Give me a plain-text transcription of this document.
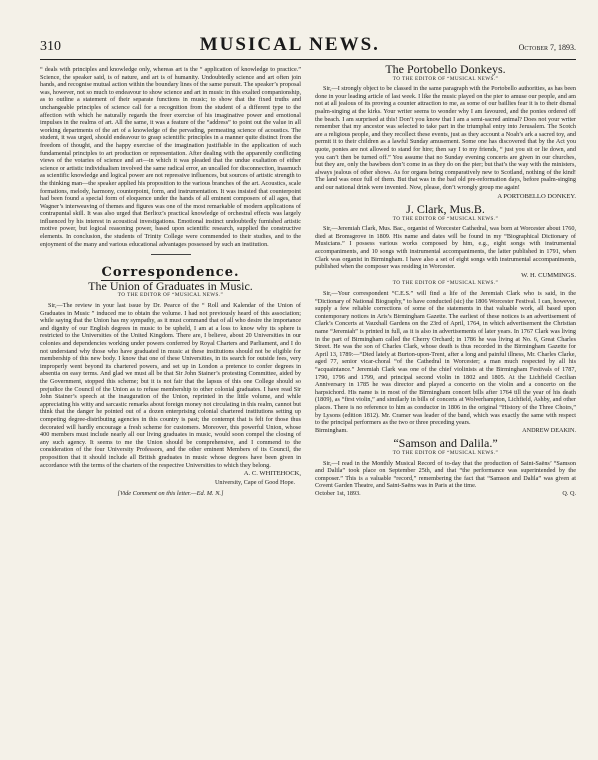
310	MUSICAL NEWS.	October 7, 1893.

“ deals with principles and knowledge only, whereas art is the “ application of knowledge to practice.” Science, the speaker said, is of nature, and art is of humanity. Undoubtedly science and art often join hands, and recognise mutual action within the boundary lines of the same pursuit. The speaker’s proposal was, however, not so much to endeavour to show science and art in music in this exalted companionship, as to outline a statement of their separate functions in music; to show that the fixed truths and unchangeable principles of science call for a recognition from the student of a different type to the affection with which he naturally regards the freer exercise of his imaginative power and emotional impulses in the realms of art. All the same, it was a feature of the “address” to point out the value in all working departments of the art of a knowledge of the pervading, permeating science of acoustics. The student, it was urged, should endeavour to grasp scientific principles in a manner quite distinct from the freedom of thought, and the happy exercise of the imagination justifiable in the application of such fundamental principles to art production or representation. After dealing with the apparently conflicting views of the votaries of science and art—in which it was pleaded that the undue exaltation of either science or artistic individualism involved the same radical error, an uncalled for disconnection, inasmuch as scientific knowledge and logical power are not repressive influences, but sources of artistic strength to the thinking man—the speaker applied his proposition to the various branches of the art. Acoustics, scale formations, melody, harmony, counterpoint, form, and instrumentation. It was insisted that counterpoint had been found a special form of eloquence under the hands of all eminent composers of all ages, that Wagner’s interweaving of themes and figures was one of the most remarkable of modern applications of contrapuntal skill. It was also urged that Berlioz’s practical knowledge of orchestral effects was largely influenced by his interest in acoustical investigations. Emotional instinct undoubtedly furnished artistic motive power, but logical reasoning power, based upon scientific research, supplied the constructive elements. In conclusion, the students of Trinity College were commended to their studies, and to the enjoyment of the many and various educational advantages possessed by such an institution.

Correspondence.
The Union of Graduates in Music.
TO THE EDITOR OF “MUSICAL NEWS.”

Sir,—The review in your last issue by Dr. Pearce of the “ Roll and Kalendar of the Union of Graduates in Music ” induced me to obtain the volume. I had not previously heard of this association; while saying that the Union has my sympathy, as it must command that of all who desire the importance and dignity of our English degrees in music to be upheld, I am at a loss to know why its sphere is restricted to the Universities of the United Kingdom. There are, I believe, about 20 Universities in our colonies and dependencies working under powers conferred by Royal Charters and Parliament, and I do not understand why those who have graduated in music at these institutions should not be eligible for membership of this new body. I know that one of these Universities, in its search for outside fees, very improperly went beyond its chartered powers, and set up in London a pretence to confer degrees in absentia on easy terms. And glad we must all be that Sir John Stainer’s protesting Committee, aided by the Government, stopped this scheme; but it is not fair that the lapsus of this one College should so prejudice the Council of the Union as to refuse membership to other colonial graduates. I have read Sir John Stainer’s speech at the inauguration of the Union, reprinted in the little volume, and while appreciating his witty and sarcastic remarks about foreign money not circulating in this realm, cannot but think that the danger he pointed out of a dozen enterprising colonial chartered institutions setting up competing degree-distributing agencies in this country is past; the contempt that is felt for those thus decorated will hardly encourage a fresh scheme for customers. Moreover, this powerful Union, whose 400 members must include nearly all our living graduates in music, would soon compel the closing of any such agency. It seems to me the Union should be comprehensive, and I commend to the consideration of the four University Professors, and the other eminent Members of its Council, the proposition that it should include all British graduates in music whose degrees have been given in accordance with the terms of the charters of the respective Universities to which they belong.

A. C. WHITEHOCK,
University, Cape of Good Hope.
[Vide Comment on this letter.—Ed. M. N.]
The Portobello Donkeys.
TO THE EDITOR OF “MUSICAL NEWS.”

Sir,—I strongly object to be classed in the same paragraph with the Portobello authorities, as has been done in your leading article of last week. I like the music played on the pier to amuse our people, and am not at all jealous of its proving a counter attraction to me, as some of our baillies fear it is to their dismal psalm-singing at the kirks. Your writer seems to wonder why I am favoured, and the ponies ordered off the beach. I am surprised at this! Don’t you know that I am a semi-sacred animal? Does not your writer remember that my ancestor was selected to take part in the triumphal entry into Jerusalem. The Scotch are a religious people, and they recollect these events, just as they account a Noah’s ark a sacred toy, and permit it to their children as a lawful Sunday amusement. Some one has discovered that by the Act you quote, ponies are not allowed to stand for hire; then say I to my friends, “ just you sit or lie down, and you can’t then be turned off.” You assume that no Sunday evening concerts are given in our churches, but they are, only the bawbees don’t come in as they do on the pier; but that’s the way with the ministers, always jealous of other shows. As for organs being comparatively new to Scotland, nothing of the kind! The land was once full of them. But that was in the bad old pre-reformation days, before psalm-singing and our national drink were invented. Now, please, don’t wrongly group me again!

A PORTOBELLO DONKEY.
J. Clark, Mus.B.
TO THE EDITOR OF “MUSICAL NEWS.”

Sir,—Jeremiah Clark, Mus. Bac., organist of Worcester Cathedral, was born at Worcester about 1760, died at Bromsgrove in 1809. His name and dates will be found in my “Biographical Dictionary of Musicians.” I possess various works composed by him, e.g., eight songs with instrumental accompaniments, and 10 songs with instrumental accompaniments, the latter published in 1791, when Clark was organist in Birmingham. I have also a set of eight songs with instrumental accompaniments, published when the composer was residing in Worcester.

W. H. CUMMINGS.
TO THE EDITOR OF “MUSICAL NEWS.”

Sir,—Your correspondent “C.E.S.” will find a life of the Jeremiah Clark who is said, in the “Dictionary of National Biography,” to have conducted (sic) the 1806 Worcester Festival. I can, however, supply a few reliable corrections of some of the statements in that valuable work, all based upon contemporary notices in Aris’s Birmingham Gazette. The earliest of these notices is an advertisement of Clark’s Concerts at Vauxhall Gardens on the 23rd of April, 1764, in which advertisement the Christian name “Jeremiah” is printed in full, as it is also in advertisements of later years. In 1767 Clark was living in the part of Birmingham called the Cherry Orchard; in 1786 he was living at No. 6, Great Charles Street. He was the son of Charles Clark, whose death is thus recorded in the Birmingham Gazette for April 13, 1789:—“Died lately at Burton-upon-Trent, after a long and painful illness, Mr. Charles Clarke, aged 77, senior vicar-choral “of the Cathedral in Worcester; a man much respected by all his “acquaintance.” Jeremiah Clark was one of the chief violinists at the Birmingham Festivals of 1787, 1790, 1796 and 1799, and principal second violin in 1802 and 1805. At the Lichfield Cecilian Anniversary in 1785 he was director and played a concerto on the violin and a concerto on the harpsichord. His name is in most of the Birmingham concert bills after 1764 till the year of his death (1809), as “first violin,” and similarly in bills of concerts at Wolverhampton, Lichfield, Ashby, and other places. There is no reference to him as conductor in 1806 in the original “History of the Three Choirs,” by Lysons (edition 1812). Mr. Cramer was leader of the band, which was exactly the same with respect to the principal performers as the two or three preceding years.

Birmingham.	ANDREW DEAKIN.
“Samson and Dalila.”
TO THE EDITOR OF “MUSICAL NEWS.”

Sir,—I read in the Monthly Musical Record of to-day that the production of Saint-Saëns’ “Samson and Dalila” took place on September 25th, and that “the performance was superintended by the composer.” This is a valuable “record,” remembering the fact that “Samson and Dalila” was given at Covent Garden Theatre, and Saint-Saëns was in Paris at the time.

October 1st, 1893.	Q. Q.
